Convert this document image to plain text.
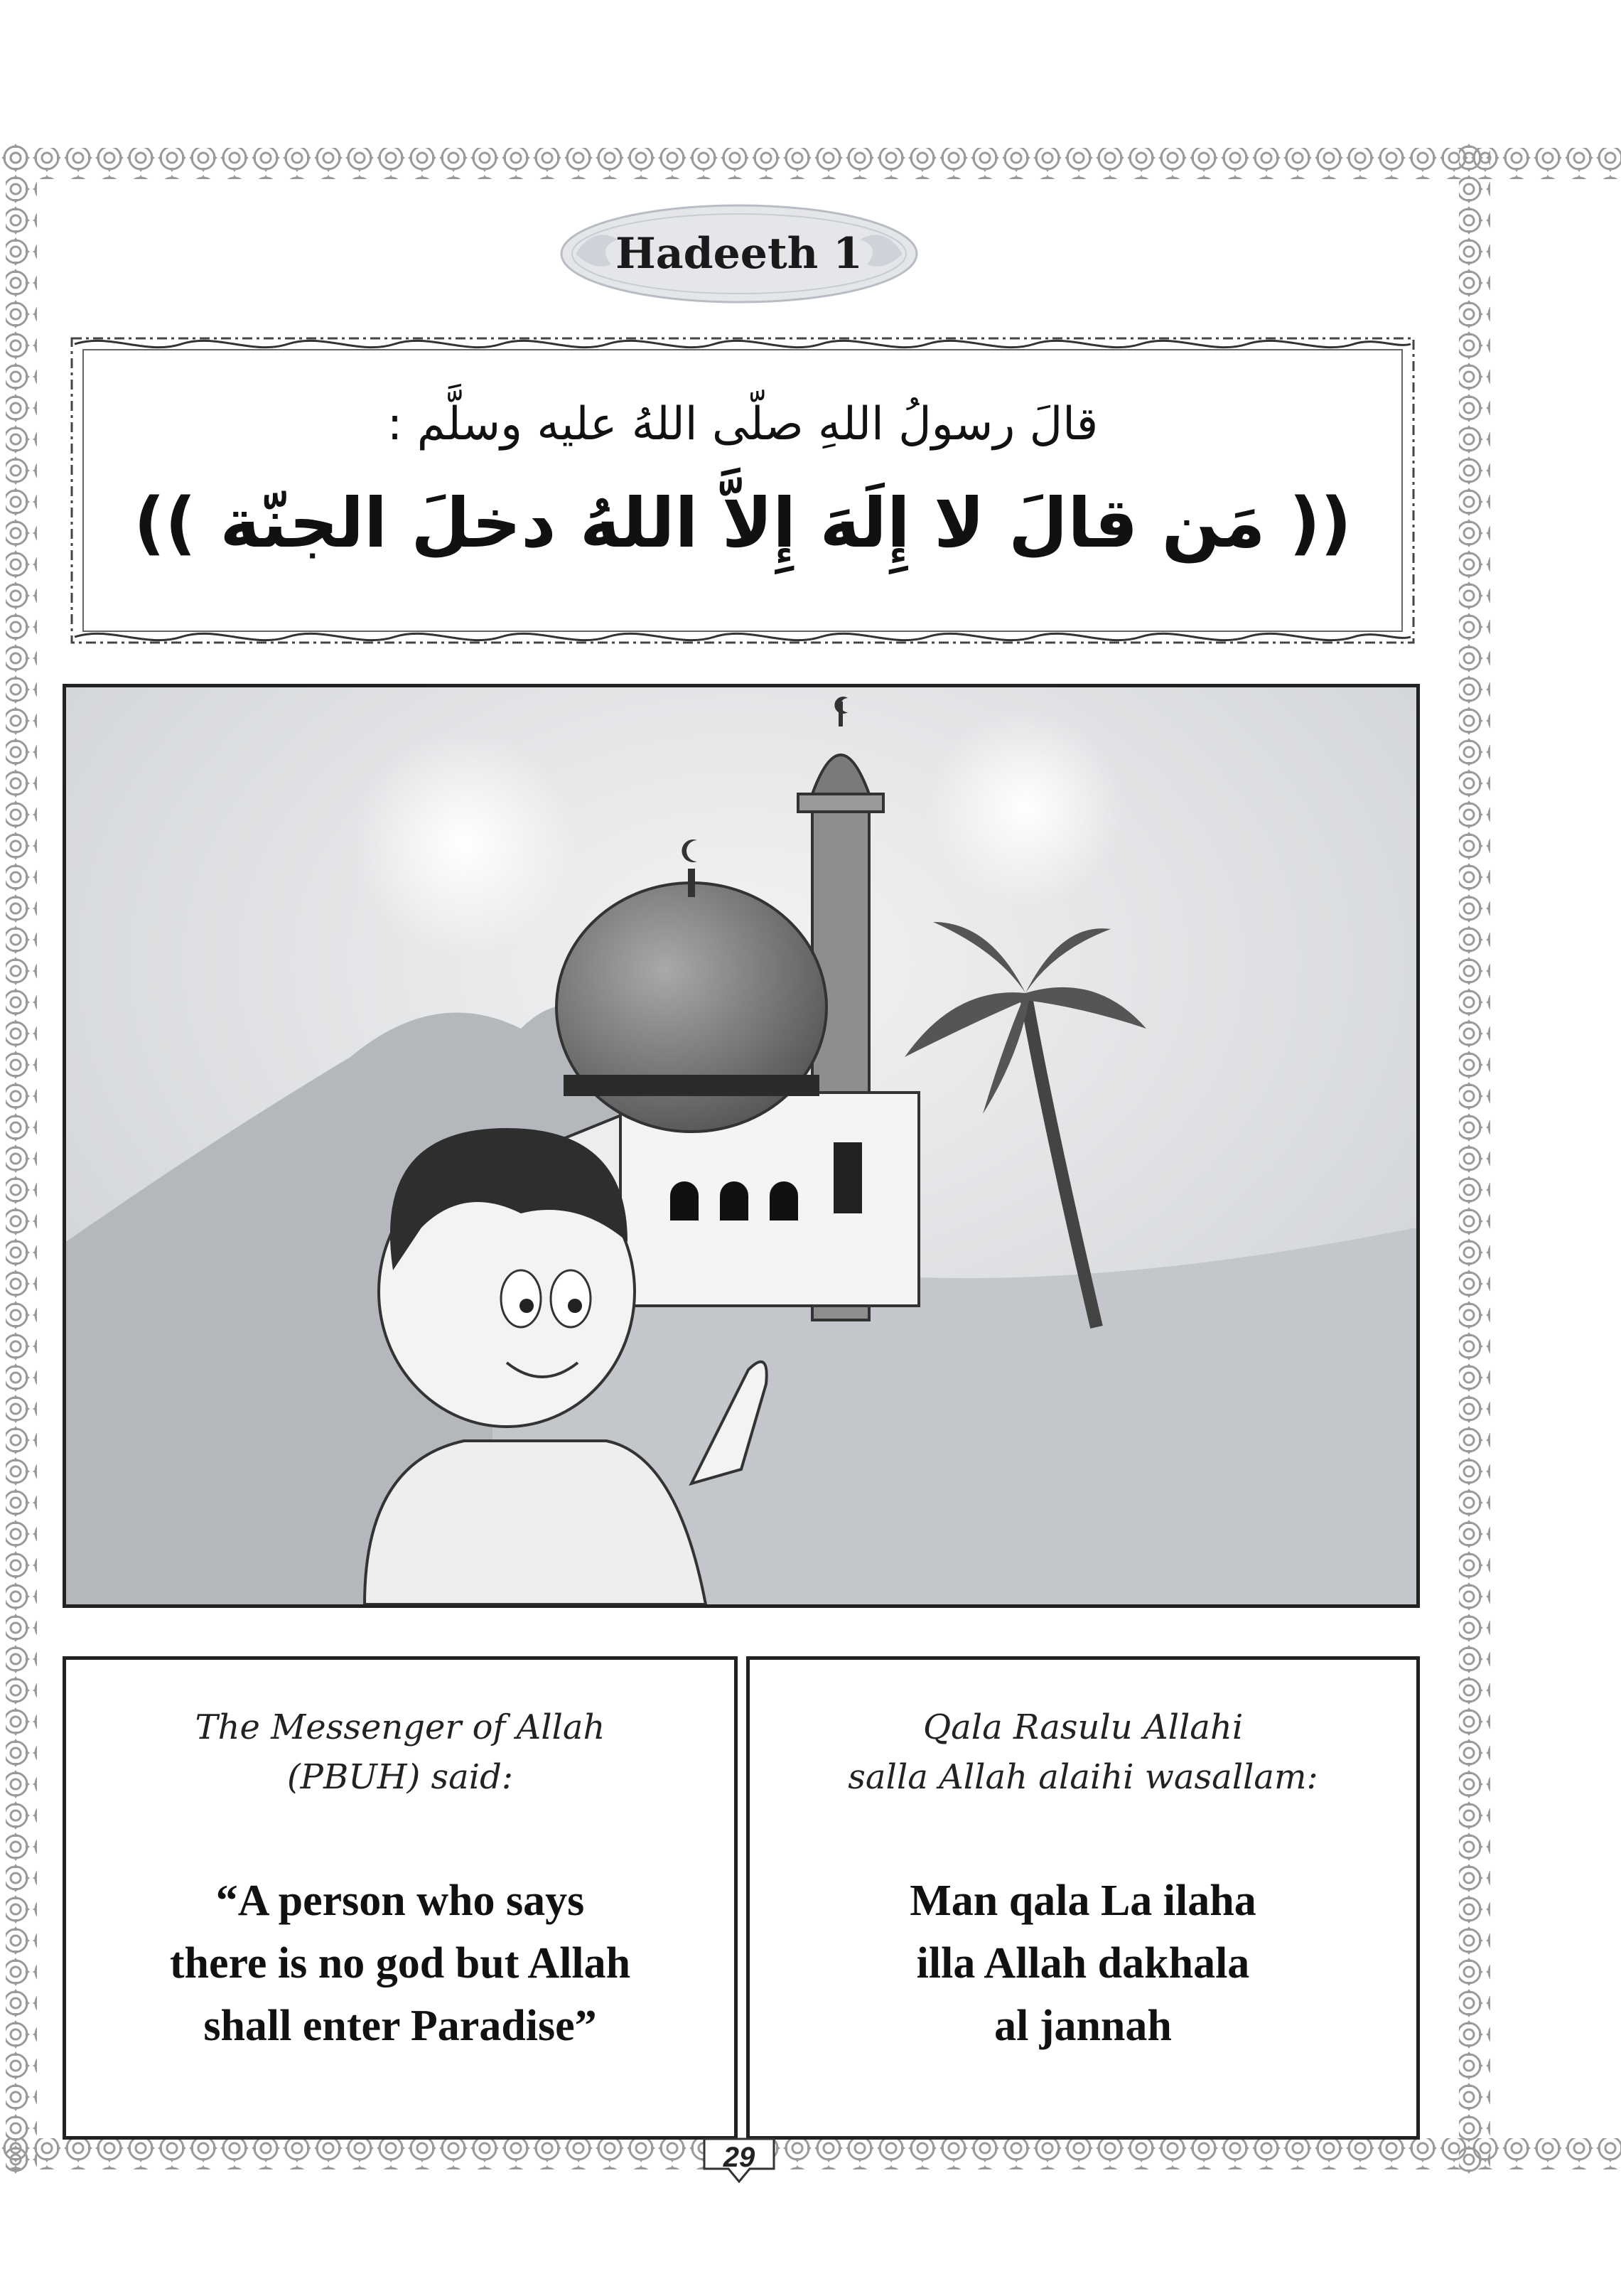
Hadeeth 1
قالَ رسولُ اللهِ صلّى اللهُ عليه وسلَّم :
(( مَن قالَ لا إِلَهَ إِلاَّ اللهُ دخلَ الجنّة ))
The Messenger of Allah
(PBUH) said:
“A person who says
there is no god but Allah
shall enter Paradise”
Qala Rasulu Allahi
salla Allah alaihi wasallam:
Man qala La ilaha
illa Allah dakhala
al jannah
29
